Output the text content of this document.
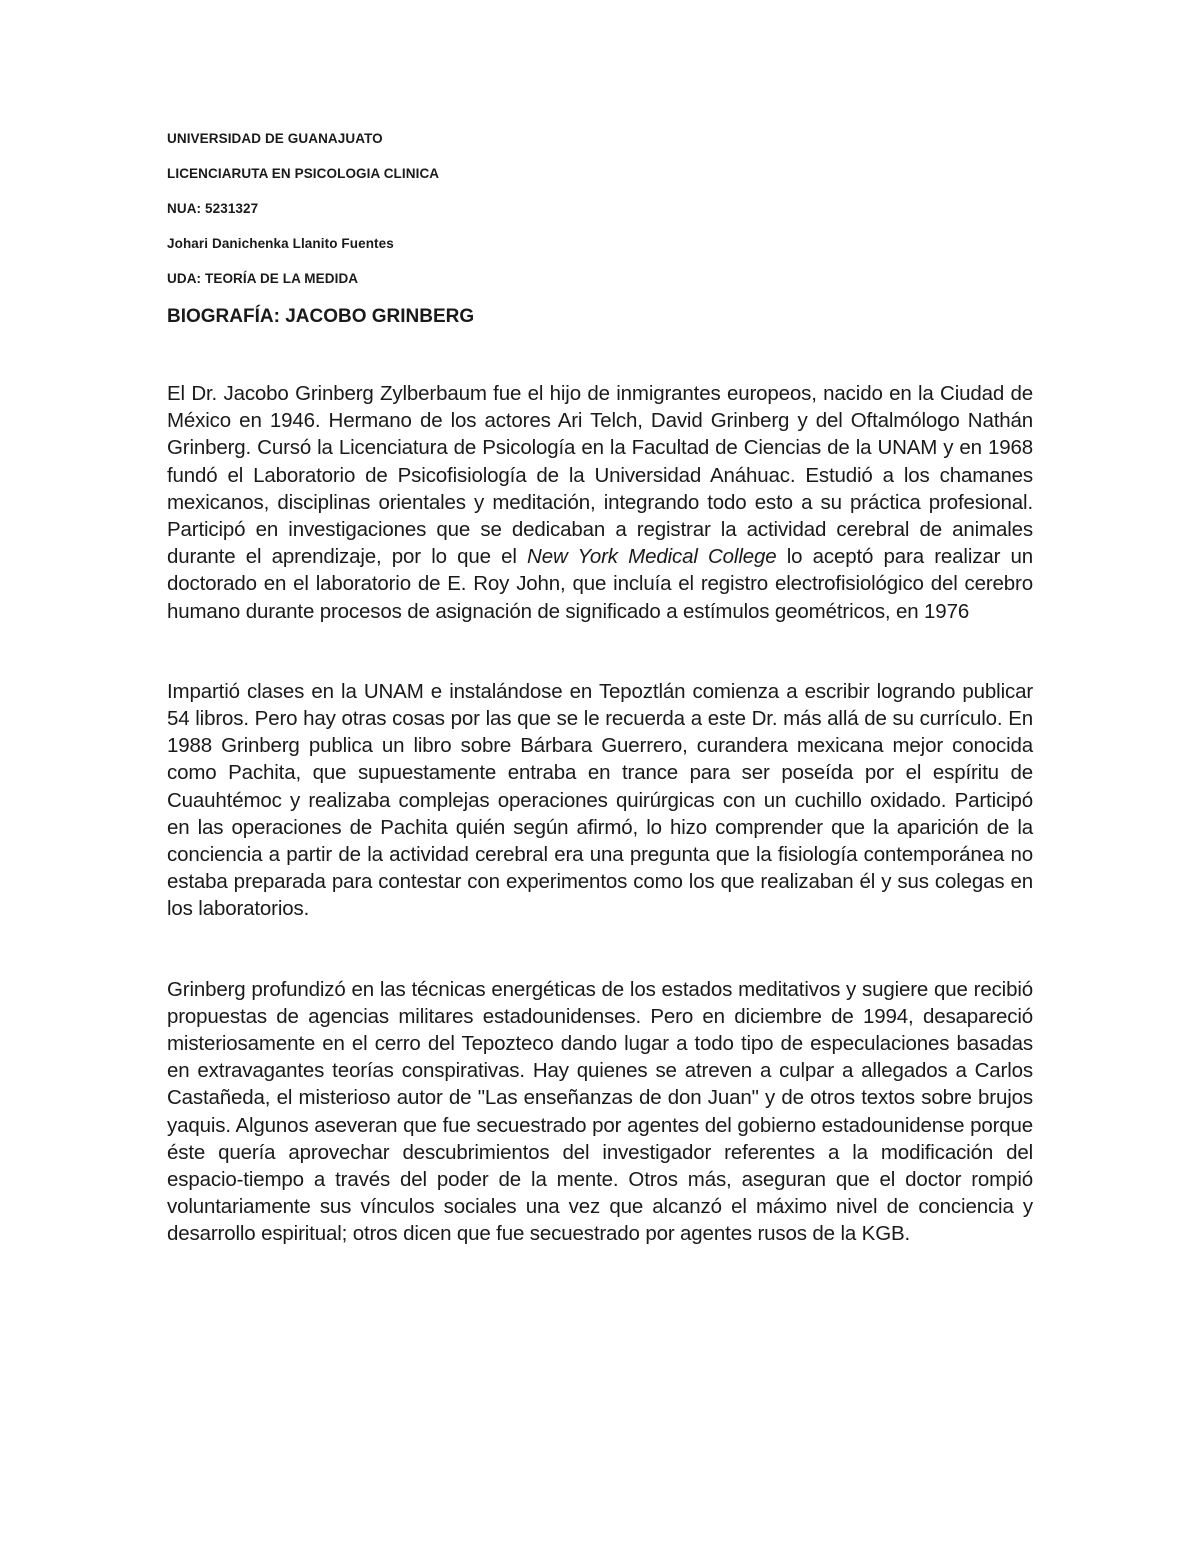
UNIVERSIDAD DE GUANAJUATO

LICENCIARUTA EN PSICOLOGIA CLINICA

NUA: 5231327

Johari Danichenka Llanito Fuentes

UDA: TEORÍA DE LA MEDIDA

BIOGRAFÍA: JACOBO GRINBERG

El Dr. Jacobo Grinberg Zylberbaum fue el hijo de inmigrantes europeos, nacido en la Ciudad de México en 1946. Hermano de los actores Ari Telch, David Grinberg y del Oftalmólogo Nathán Grinberg. Cursó la Licenciatura de Psicología en la Facultad de Ciencias de la UNAM y en 1968 fundó el Laboratorio de Psicofisiología de la Universidad Anáhuac. Estudió a los chamanes mexicanos, disciplinas orientales y meditación, integrando todo esto a su práctica profesional. Participó en investigaciones que se dedicaban a registrar la actividad cerebral de animales durante el aprendizaje, por lo que el New York Medical College lo aceptó para realizar un doctorado en el laboratorio de E. Roy John, que incluía el registro electrofisiológico del cerebro humano durante procesos de asignación de significado a estímulos geométricos, en 1976

Impartió clases en la UNAM e instalándose en Tepoztlán comienza a escribir logrando publicar 54 libros. Pero hay otras cosas por las que se le recuerda a este Dr. más allá de su currículo. En 1988 Grinberg publica un libro sobre Bárbara Guerrero, curandera mexicana mejor conocida como Pachita, que supuestamente entraba en trance para ser poseída por el espíritu de Cuauhtémoc y realizaba complejas operaciones quirúrgicas con un cuchillo oxidado. Participó en las operaciones de Pachita quién según afirmó, lo hizo comprender que la aparición de la conciencia a partir de la actividad cerebral era una pregunta que la fisiología contemporánea no estaba preparada para contestar con experimentos como los que realizaban él y sus colegas en los laboratorios.

Grinberg profundizó en las técnicas energéticas de los estados meditativos y sugiere que recibió propuestas de agencias militares estadounidenses. Pero en diciembre de 1994, desapareció misteriosamente en el cerro del Tepozteco dando lugar a todo tipo de especulaciones basadas en extravagantes teorías conspirativas. Hay quienes se atreven a culpar a allegados a Carlos Castañeda, el misterioso autor de "Las enseñanzas de don Juan" y de otros textos sobre brujos yaquis. Algunos aseveran que fue secuestrado por agentes del gobierno estadounidense porque éste quería aprovechar descubrimientos del investigador referentes a la modificación del espacio-tiempo a través del poder de la mente. Otros más, aseguran que el doctor rompió voluntariamente sus vínculos sociales una vez que alcanzó el máximo nivel de conciencia y desarrollo espiritual; otros dicen que fue secuestrado por agentes rusos de la KGB.
